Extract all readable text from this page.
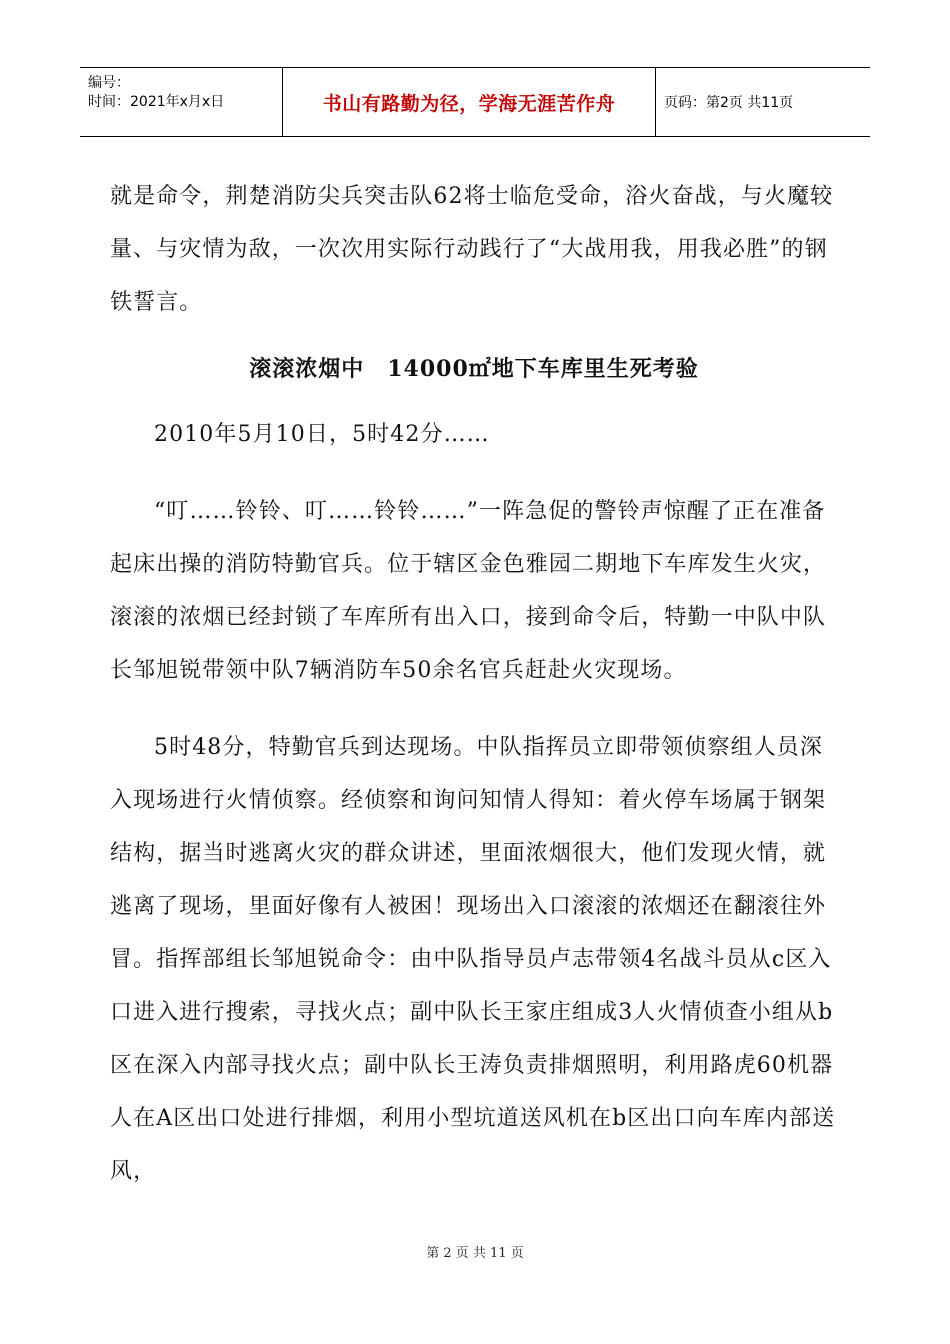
编号：
时间：2021年x月x日	书山有路勤为径，学海无涯苦作舟	页码：第2页 共11页

就是命令，荆楚消防尖兵突击队62将士临危受命，浴火奋战，与火魔较量、与灾情为敌，一次次用实际行动践行了“大战用我，用我必胜”的钢铁誓言。

滚滚浓烟中　14000㎡地下车库里生死考验

2010年5月10日，5时42分……

“叮……铃铃、叮……铃铃……”一阵急促的警铃声惊醒了正在准备起床出操的消防特勤官兵。位于辖区金色雅园二期地下车库发生火灾，滚滚的浓烟已经封锁了车库所有出入口，接到命令后，特勤一中队中队长邹旭锐带领中队7辆消防车50余名官兵赶赴火灾现场。

5时48分，特勤官兵到达现场。中队指挥员立即带领侦察组人员深入现场进行火情侦察。经侦察和询问知情人得知：着火停车场属于钢架结构，据当时逃离火灾的群众讲述，里面浓烟很大，他们发现火情，就逃离了现场，里面好像有人被困！现场出入口滚滚的浓烟还在翻滚往外冒。指挥部组长邹旭锐命令：由中队指导员卢志带领4名战斗员从c区入口进入进行搜索，寻找火点；副中队长王家庄组成3人火情侦查小组从b区在深入内部寻找火点；副中队长王涛负责排烟照明，利用路虎60机器人在A区出口处进行排烟，利用小型坑道送风机在b区出口向车库内部送风，

第 2 页 共 11 页
